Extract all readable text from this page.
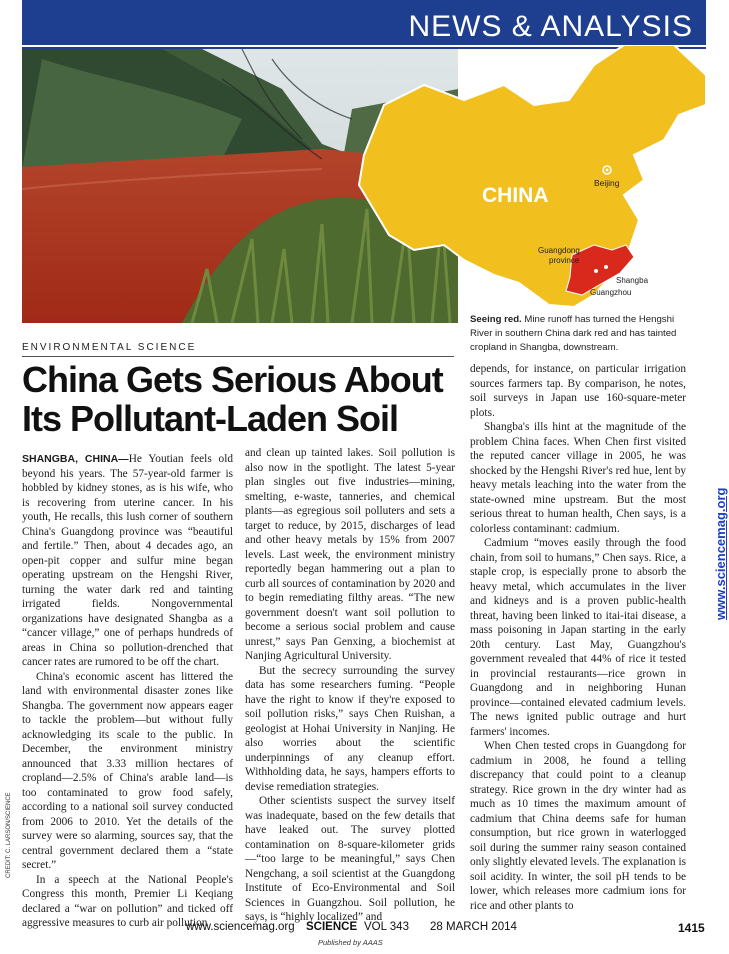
NEWS & ANALYSIS
CHINA
Beijing
Guangdong
province
Shangba
Guangzhou
Seeing red. Mine runoff has turned the Hengshi River in southern China dark red and has tainted cropland in Shangba, downstream.
ENVIRONMENTAL SCIENCE
China Gets Serious About Its Pollutant-Laden Soil

SHANGBA, CHINA—He Youtian feels old beyond his years. The 57-year-old farmer is hobbled by kidney stones, as is his wife, who is recovering from uterine cancer. In his youth, He recalls, this lush corner of southern China's Guangdong province was “beautiful and fertile.” Then, about 4 decades ago, an open-pit copper and sulfur mine began operating upstream on the Hengshi River, turning the water dark red and tainting irrigated fields. Nongovernmental organizations have designated Shangba as a “cancer village,” one of perhaps hundreds of areas in China so pollution-drenched that cancer rates are rumored to be off the chart.

China's economic ascent has littered the land with environmental disaster zones like Shangba. The government now appears eager to tackle the problem—but without fully acknowledging its scale to the public. In December, the environment ministry announced that 3.33 million hectares of cropland—2.5% of China's arable land—is too contaminated to grow food safely, according to a national soil survey conducted from 2006 to 2010. Yet the details of the survey were so alarming, sources say, that the central government declared them a “state secret.”

In a speech at the National People's Congress this month, Premier Li Keqiang declared a “war on pollution” and ticked off aggressive measures to curb air pollution

and clean up tainted lakes. Soil pollution is also now in the spotlight. The latest 5-year plan singles out five industries—mining, smelting, e-waste, tanneries, and chemical plants—as egregious soil polluters and sets a target to reduce, by 2015, discharges of lead and other heavy metals by 15% from 2007 levels. Last week, the environment ministry reportedly began hammering out a plan to curb all sources of contamination by 2020 and to begin remediating filthy areas. “The new government doesn't want soil pollution to become a serious social problem and cause unrest,” says Pan Genxing, a biochemist at Nanjing Agricultural University.

But the secrecy surrounding the survey data has some researchers fuming. “People have the right to know if they're exposed to soil pollution risks,” says Chen Ruishan, a geologist at Hohai University in Nanjing. He also worries about the scientific underpinnings of any cleanup effort. Withholding data, he says, hampers efforts to devise remediation strategies.

Other scientists suspect the survey itself was inadequate, based on the few details that have leaked out. The survey plotted contamination on 8-square-kilometer grids—“too large to be meaningful,” says Chen Nengchang, a soil scientist at the Guangdong Institute of Eco-Environmental and Soil Sciences in Guangzhou. Soil pollution, he says, is “highly localized” and

depends, for instance, on particular irrigation sources farmers tap. By comparison, he notes, soil surveys in Japan use 160-square-meter plots.

Shangba's ills hint at the magnitude of the problem China faces. When Chen first visited the reputed cancer village in 2005, he was shocked by the Hengshi River's red hue, lent by heavy metals leaching into the water from the state-owned mine upstream. But the most serious threat to human health, Chen says, is a colorless contaminant: cadmium.

Cadmium “moves easily through the food chain, from soil to humans,” Chen says. Rice, a staple crop, is especially prone to absorb the heavy metal, which accumulates in the liver and kidneys and is a proven public-health threat, having been linked to itai-itai disease, a mass poisoning in Japan starting in the early 20th century. Last May, Guangzhou's government revealed that 44% of rice it tested in provincial restaurants—rice grown in Guangdong and in neighboring Hunan province—contained elevated cadmium levels. The news ignited public outrage and hurt farmers' incomes.

When Chen tested crops in Guangdong for cadmium in 2008, he found a telling discrepancy that could point to a cleanup strategy. Rice grown in the dry winter had as much as 10 times the maximum amount of cadmium that China deems safe for human consumption, but rice grown in waterlogged soil during the summer rainy season contained only slightly elevated levels. The explanation is soil acidity. In winter, the soil pH tends to be lower, which releases more cadmium ions for rice and other plants to

CREDIT: C. LARSON/SCIENCE
www.sciencemag.org
www.sciencemag.org SCIENCE VOL 343 28 MARCH 2014	1415
Published by AAAS
